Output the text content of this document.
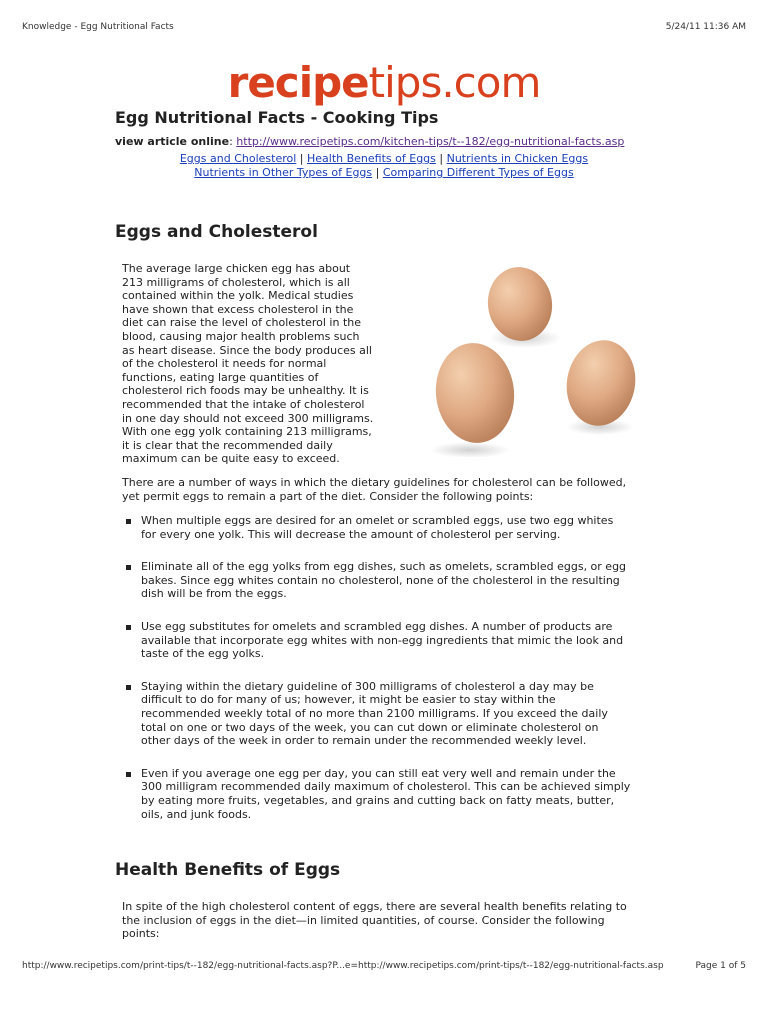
Knowledge - Egg Nutritional Facts	5/24/11 11:36 AM
recipetips.com
Egg Nutritional Facts - Cooking Tips
view article online: http://www.recipetips.com/kitchen-tips/t--182/egg-nutritional-facts.asp
Eggs and Cholesterol | Health Benefits of Eggs | Nutrients in Chicken Eggs
Nutrients in Other Types of Eggs | Comparing Different Types of Eggs
Eggs and Cholesterol
The average large chicken egg has about
213 milligrams of cholesterol, which is all
contained within the yolk. Medical studies
have shown that excess cholesterol in the
diet can raise the level of cholesterol in the
blood, causing major health problems such
as heart disease. Since the body produces all
of the cholesterol it needs for normal
functions, eating large quantities of
cholesterol rich foods may be unhealthy. It is
recommended that the intake of cholesterol
in one day should not exceed 300 milligrams.
With one egg yolk containing 213 milligrams,
it is clear that the recommended daily
maximum can be quite easy to exceed.
There are a number of ways in which the dietary guidelines for cholesterol can be followed,
yet permit eggs to remain a part of the diet. Consider the following points:
When multiple eggs are desired for an omelet or scrambled eggs, use two egg whites
for every one yolk. This will decrease the amount of cholesterol per serving.
Eliminate all of the egg yolks from egg dishes, such as omelets, scrambled eggs, or egg
bakes. Since egg whites contain no cholesterol, none of the cholesterol in the resulting
dish will be from the eggs.
Use egg substitutes for omelets and scrambled egg dishes. A number of products are
available that incorporate egg whites with non-egg ingredients that mimic the look and
taste of the egg yolks.
Staying within the dietary guideline of 300 milligrams of cholesterol a day may be
difficult to do for many of us; however, it might be easier to stay within the
recommended weekly total of no more than 2100 milligrams. If you exceed the daily
total on one or two days of the week, you can cut down or eliminate cholesterol on
other days of the week in order to remain under the recommended weekly level.
Even if you average one egg per day, you can still eat very well and remain under the
300 milligram recommended daily maximum of cholesterol. This can be achieved simply
by eating more fruits, vegetables, and grains and cutting back on fatty meats, butter,
oils, and junk foods.
Health Benefits of Eggs
In spite of the high cholesterol content of eggs, there are several health benefits relating to
the inclusion of eggs in the diet—in limited quantities, of course. Consider the following
points:
http://www.recipetips.com/print-tips/t--182/egg-nutritional-facts.asp?P...e=http://www.recipetips.com/print-tips/t--182/egg-nutritional-facts.asp	Page 1 of 5
